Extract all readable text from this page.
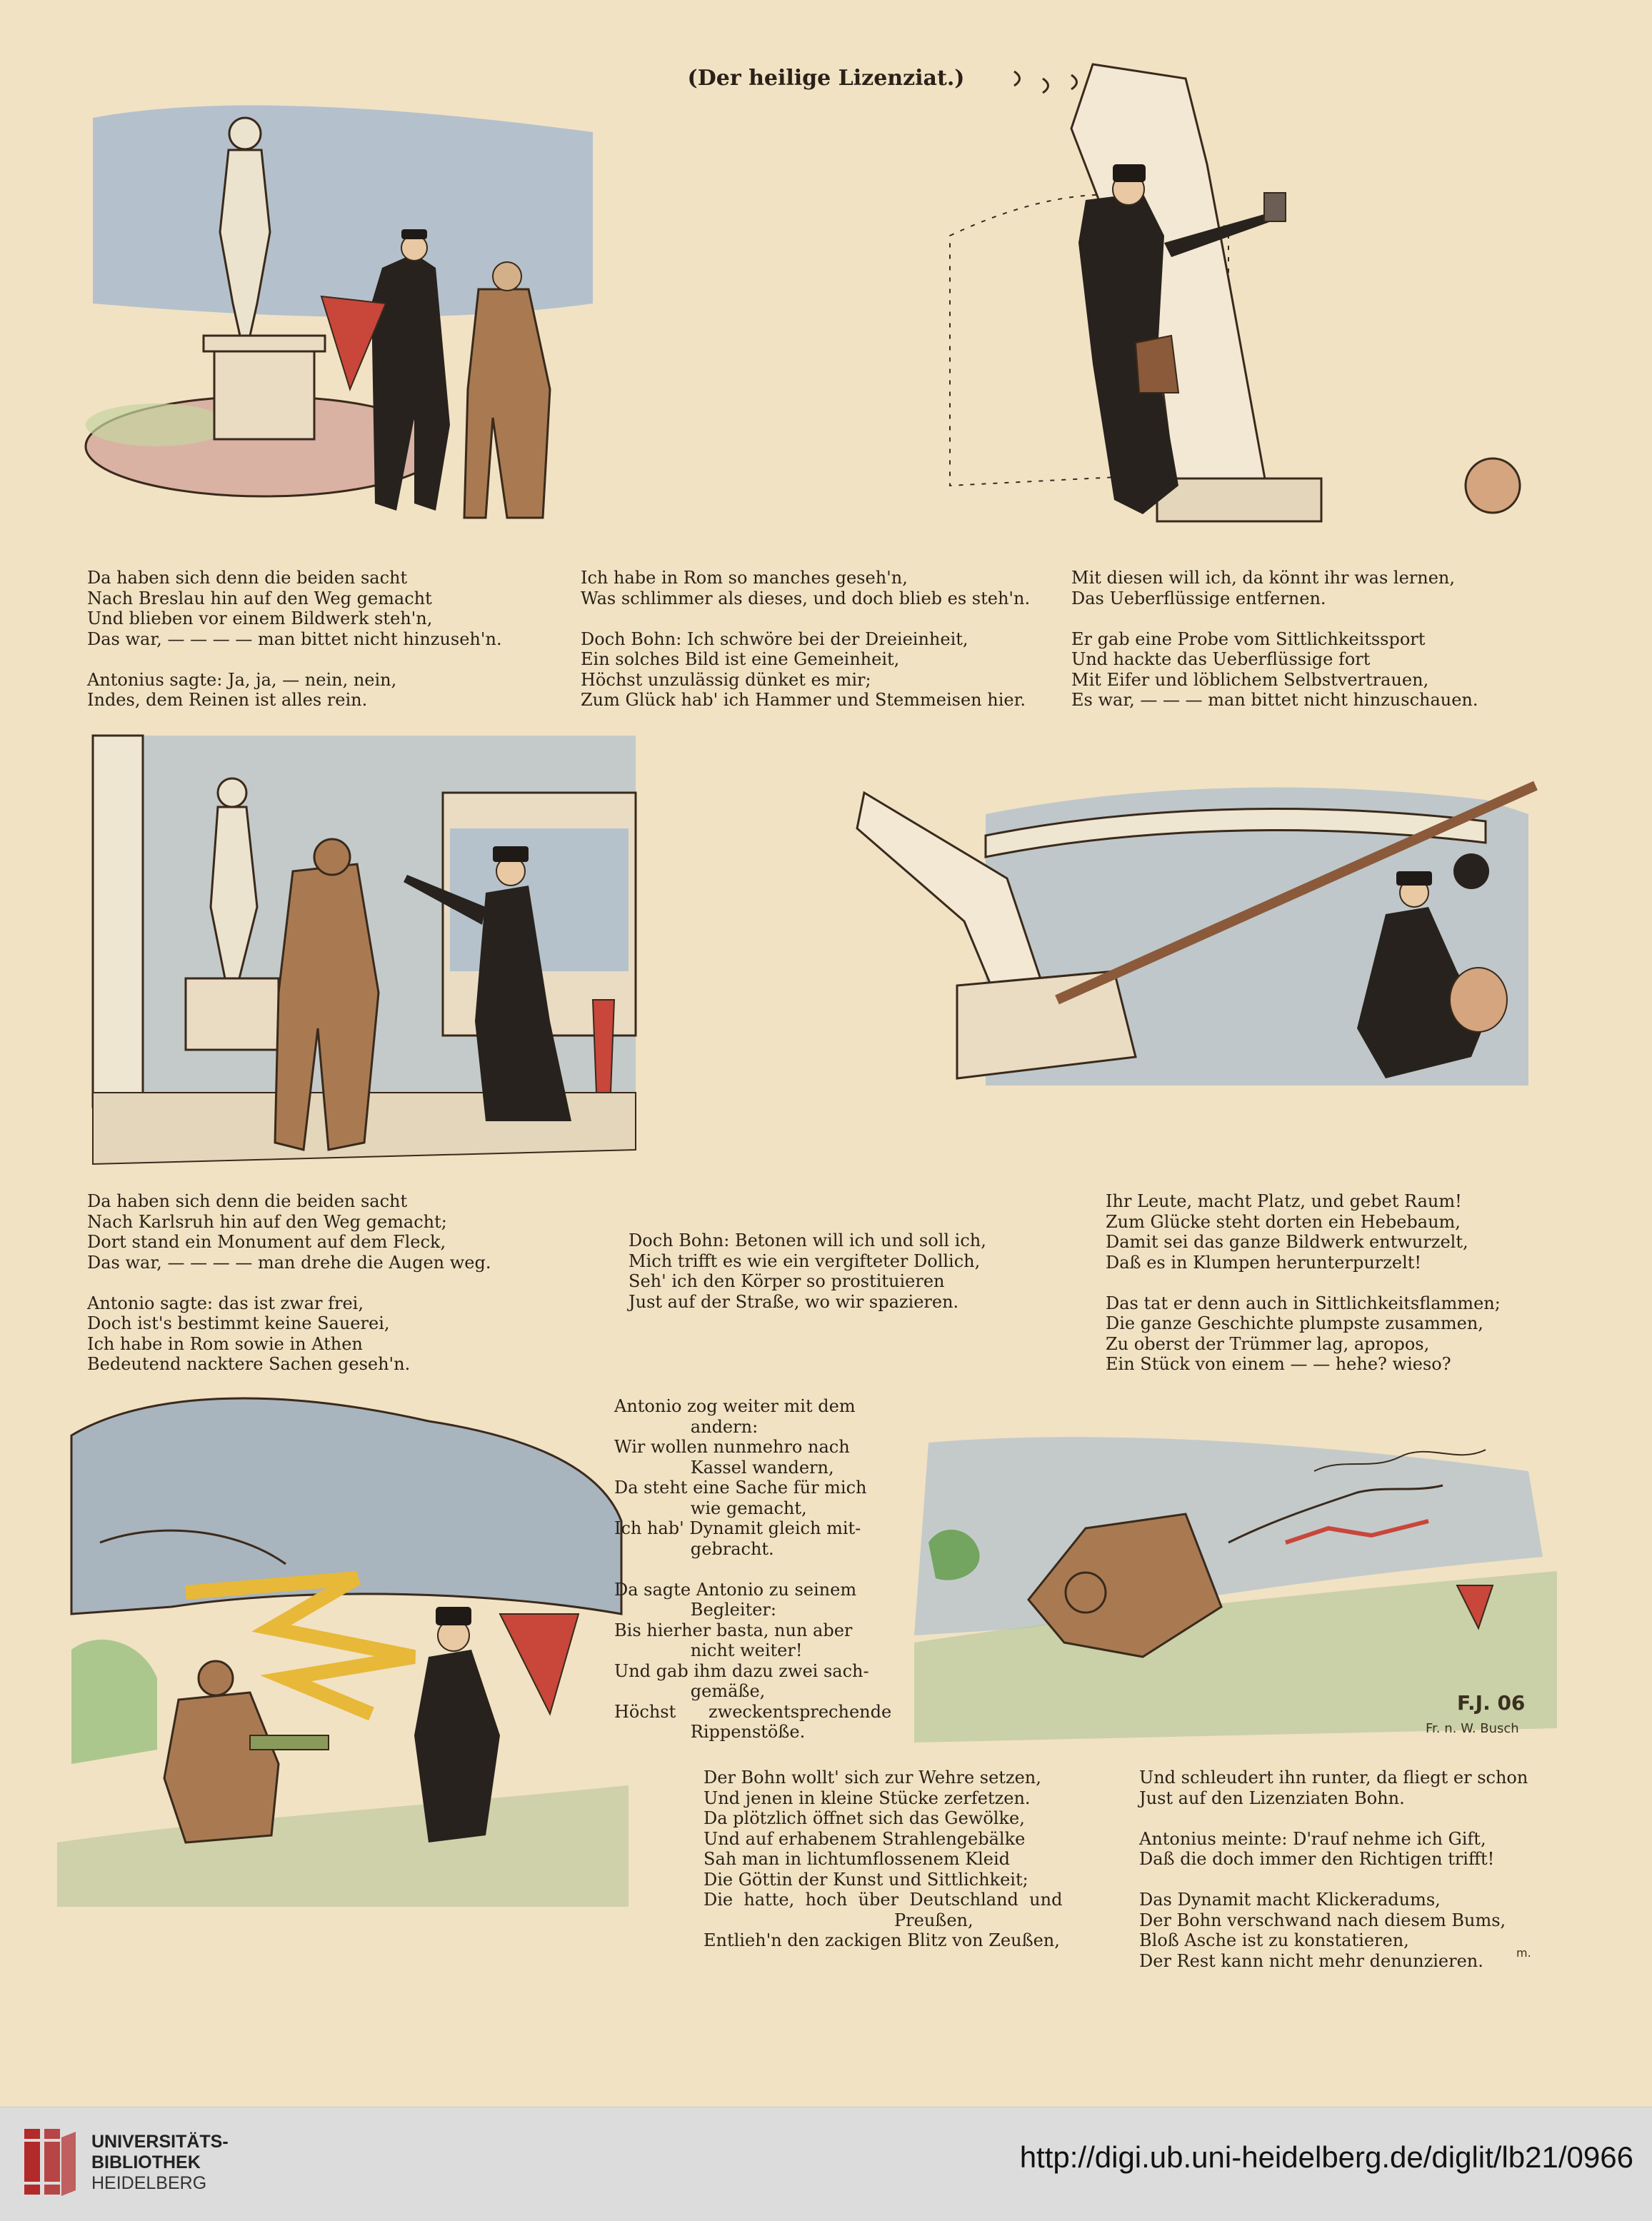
(Der heilige Lizenziat.)
Da haben sich denn die beiden sacht
Nach Breslau hin auf den Weg gemacht
Und blieben vor einem Bildwerk steh'n,
Das war, — — — — man bittet nicht hinzuseh'n.

Antonius sagte: Ja, ja, — nein, nein,
Indes, dem Reinen ist alles rein.
Ich habe in Rom so manches geseh'n,
Was schlimmer als dieses, und doch blieb es steh'n.

Doch Bohn: Ich schwöre bei der Dreieinheit,
Ein solches Bild ist eine Gemeinheit,
Höchst unzulässig dünket es mir;
Zum Glück hab' ich Hammer und Stemmeisen hier.
Mit diesen will ich, da könnt ihr was lernen,
Das Ueberflüssige entfernen.

Er gab eine Probe vom Sittlichkeitssport
Und hackte das Ueberflüssige fort
Mit Eifer und löblichem Selbstvertrauen,
Es war, — — — man bittet nicht hinzuschauen.
Da haben sich denn die beiden sacht
Nach Karlsruh hin auf den Weg gemacht;
Dort stand ein Monument auf dem Fleck,
Das war, — — — — man drehe die Augen weg.

Antonio sagte: das ist zwar frei,
Doch ist's bestimmt keine Sauerei,
Ich habe in Rom sowie in Athen
Bedeutend nacktere Sachen geseh'n.
Doch Bohn: Betonen will ich und soll ich,
Mich trifft es wie ein vergifteter Dollich,
Seh' ich den Körper so prostituieren
Just auf der Straße, wo wir spazieren.
Ihr Leute, macht Platz, und gebet Raum!
Zum Glücke steht dorten ein Hebebaum,
Damit sei das ganze Bildwerk entwurzelt,
Daß es in Klumpen herunterpurzelt!

Das tat er denn auch in Sittlichkeitsflammen;
Die ganze Geschichte plumpste zusammen,
Zu oberst der Trümmer lag, apropos,
Ein Stück von einem — — hehe? wieso?
Antonio zog weiter mit dem
andern:
Wir wollen nunmehro nach
Kassel wandern,
Da steht eine Sache für mich
wie gemacht,
Ich hab' Dynamit gleich mit-
gebracht.

Da sagte Antonio zu seinem
Begleiter:
Bis hierher basta, nun aber
nicht weiter!
Und gab ihm dazu zwei sach-
gemäße,
Höchst      zweckentsprechende
Rippenstöße.
F.J. 06
Fr. n. W. Busch
Der Bohn wollt' sich zur Wehre setzen,
Und jenen in kleine Stücke zerfetzen.
Da plötzlich öffnet sich das Gewölke,
Und auf erhabenem Strahlengebälke
Sah man in lichtumflossenem Kleid
Die Göttin der Kunst und Sittlichkeit;
Die  hatte,  hoch  über  Deutschland  und
Preußen,
Entlieh'n den zackigen Blitz von Zeußen,
Und schleudert ihn runter, da fliegt er schon
Just auf den Lizenziaten Bohn.

Antonius meinte: D'rauf nehme ich Gift,
Daß die doch immer den Richtigen trifft!

Das Dynamit macht Klickeradums,
Der Bohn verschwand nach diesem Bums,
Bloß Asche ist zu konstatieren,
Der Rest kann nicht mehr denunzieren.	m.
UNIVERSITÄTS-
BIBLIOTHEK
HEIDELBERG
http://digi.ub.uni-heidelberg.de/diglit/lb21/0966
